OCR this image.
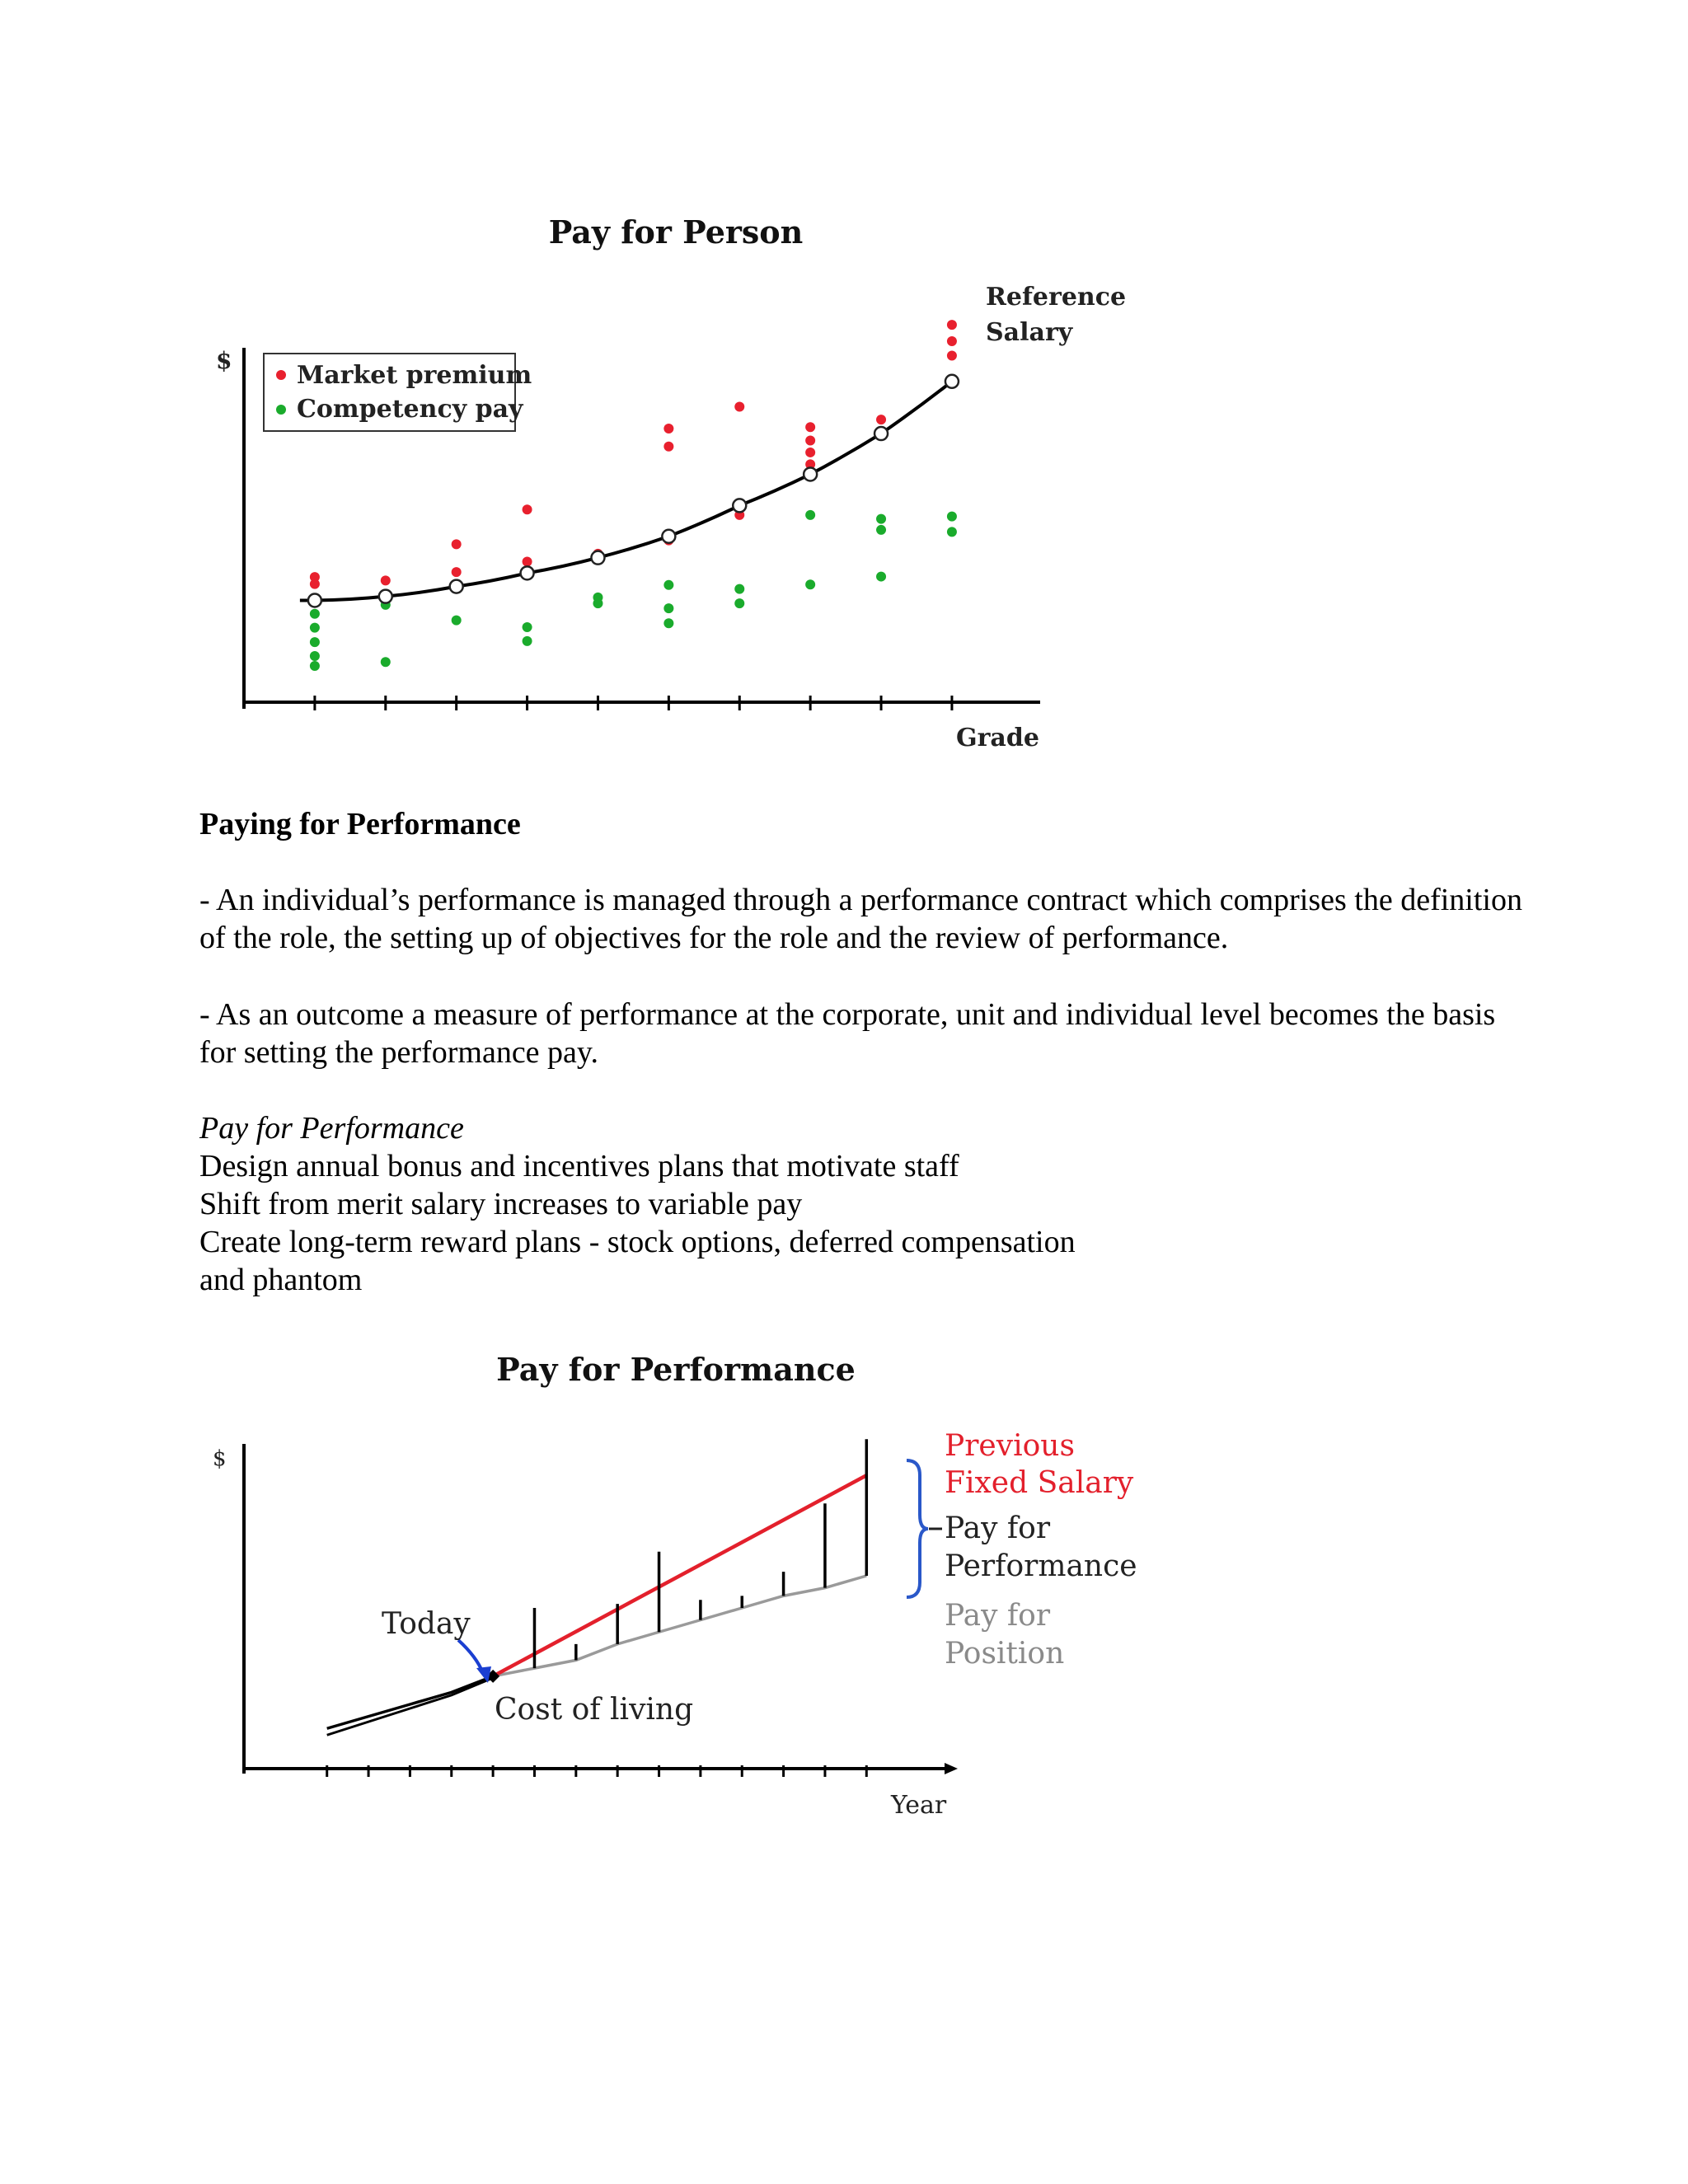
Pay for Person
$
Grade
Market premium
Competency pay
Reference
Salary
Pay for Performance
$
Year
Today
Cost of living
Previous
Fixed Salary
Pay for
Performance
Pay for
Position

Paying for Performance

- An individual’s performance is managed through a performance contract which comprises the definition of the role, the setting up of objectives for the role and the review of performance.

- As an outcome a measure of performance at the corporate, unit and individual level becomes the basis for setting the performance pay.

Pay for Performance

Design annual bonus and incentives plans that motivate staff

Shift from merit salary increases to variable pay

Create long-term reward plans - stock options, deferred compensation

and phantom
